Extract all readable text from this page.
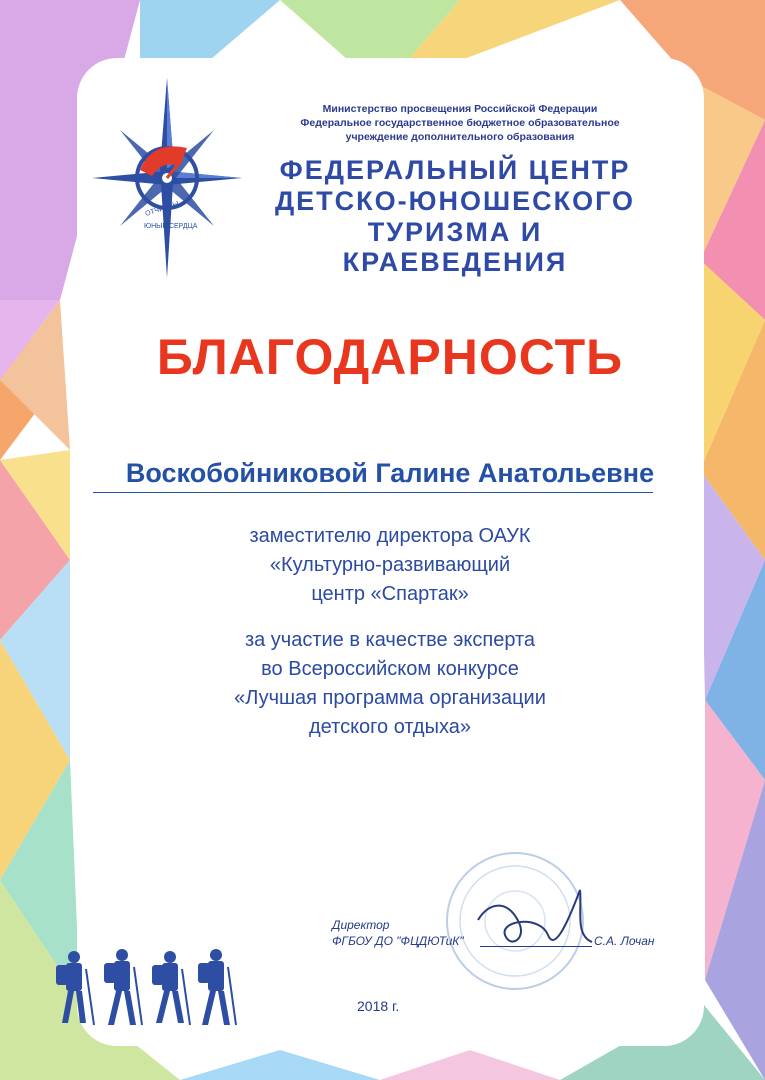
ОТЧИЗНЫ
ЮНЫЕ СЕРДЦА
Министерство просвещения Российской Федерации
Федеральное государственное бюджетное образовательное
учреждение дополнительного образования
ФЕДЕРАЛЬНЫЙ ЦЕНТР
ДЕТСКО-ЮНОШЕСКОГО
ТУРИЗМА И КРАЕВЕДЕНИЯ
БЛАГОДАРНОСТЬ
Воскобойниковой Галине Анатольевне
заместителю директора ОАУК
«Культурно-развивающий
центр «Спартак»
за участие в качестве эксперта
во Всероссийском конкурсе
«Лучшая программа организации
детского отдыха»
Директор
ФГБОУ ДО "ФЦДЮТиК"	С.А. Лочан
2018 г.
